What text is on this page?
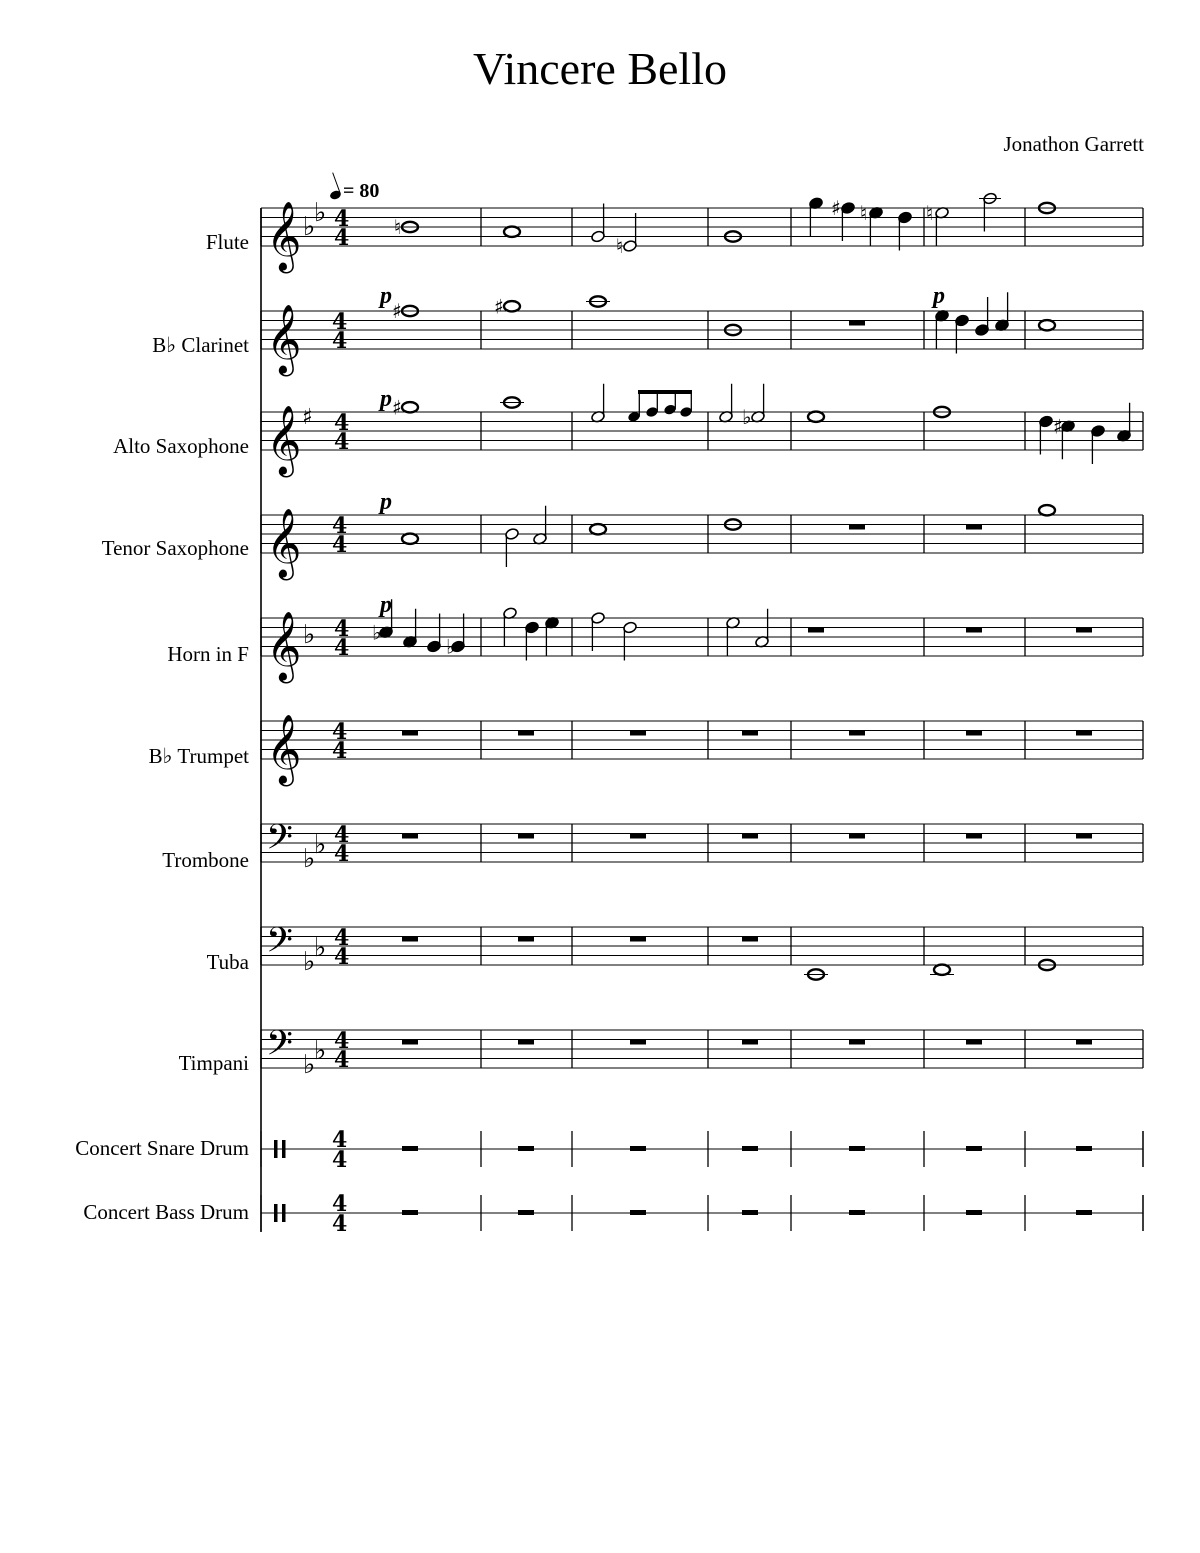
Vincere Bello
Jonathon Garrett
= 80
Flute
B♭ Clarinet
Alto Saxophone
Tenor Saxophone
Horn in F
B♭ Trumpet
Trombone
Tuba
Timpani
Concert Snare Drum
Concert Bass Drum
𝄞 4
4
♭
♭
𝄞 4
4
𝄞 4
4
♯
𝄞 4
4
𝄞 4
4
♭
𝄞 4
4
𝄢 4
4
♭
♭
𝄢 4
4
♭
♭
𝄢 4
4
♭
♭
4
4
4
4
♮
♮
♯ ♮	♮
♯	♯
♯	♭	♯
♭
♭
p
p
p
p
p
